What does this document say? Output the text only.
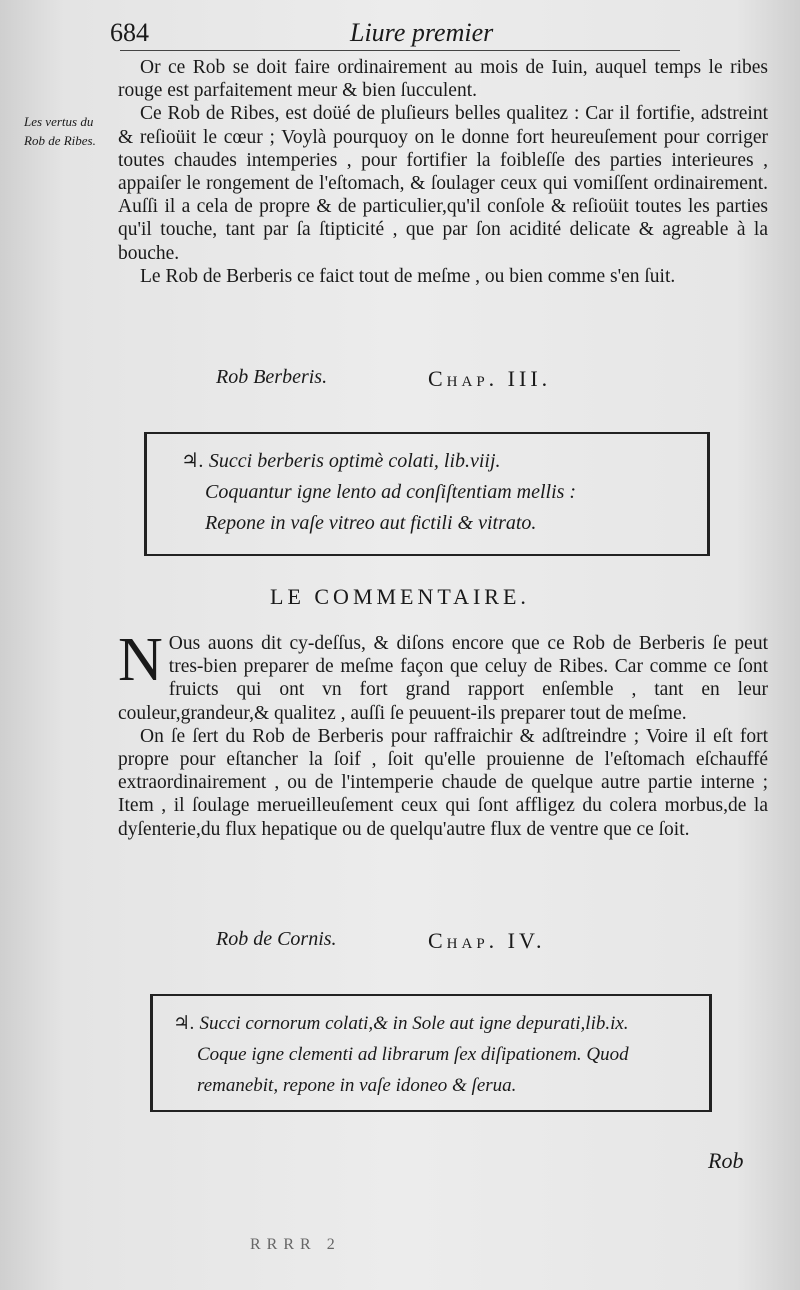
684	Liure premier
Les vertus du Rob de Ribes.

Or ce Rob se doit faire ordinairement au mois de Iuin, auquel temps le ribes rouge est parfaitement meur & bien ſucculent.

Ce Rob de Ribes, est doüé de pluſieurs belles qualitez : Car il fortifie, adstreint & reſioüit le cœur ; Voylà pourquoy on le donne fort heureuſement pour corriger toutes chaudes intemperies , pour fortifier la foibleſſe des parties interieures , appaiſer le rongement de l'eſtomach, & ſoulager ceux qui vomiſſent ordinairement. Auſſi il a cela de propre & de particulier,qu'il conſole & reſioüit toutes les parties qu'il touche, tant par ſa ſtipticité , que par ſon acidité delicate & agreable à la bouche.

Le Rob de Berberis ce faict tout de meſme , ou bien comme s'en ſuit.

Rob Berberis.	Chap. III.
♃. Succi berberis optimè colati, lib.viij.
Coquantur igne lento ad conſiſtentiam mellis :
Repone in vaſe vitreo aut fictili & vitrato.
LE COMMENTAIRE.

N Ous auons dit cy-deſſus, & diſons encore que ce Rob de Berberis ſe peut tres-bien preparer de meſme façon que celuy de Ribes. Car comme ce ſont fruicts qui ont vn fort grand rapport enſemble , tant en leur couleur,grandeur,& qualitez , auſſi ſe peuuent-ils preparer tout de meſme.

On ſe ſert du Rob de Berberis pour raffraichir & adſtreindre ; Voire il eſt fort propre pour eſtancher la ſoif , ſoit qu'elle prouienne de l'eſtomach eſchauffé extraordinairement , ou de l'intemperie chaude de quelque autre partie interne ; Item , il ſoulage merueilleuſement ceux qui ſont affligez du colera morbus,de la dyſenterie,du flux hepatique ou de quelqu'autre flux de ventre que ce ſoit.

Rob de Cornis.	Chap. IV.
♃. Succi cornorum colati,& in Sole aut igne depurati,lib.ix.
Coque igne clementi ad librarum ſex diſipationem. Quod
remanebit, repone in vaſe idoneo & ſerua.
Rob
RRRR 2
